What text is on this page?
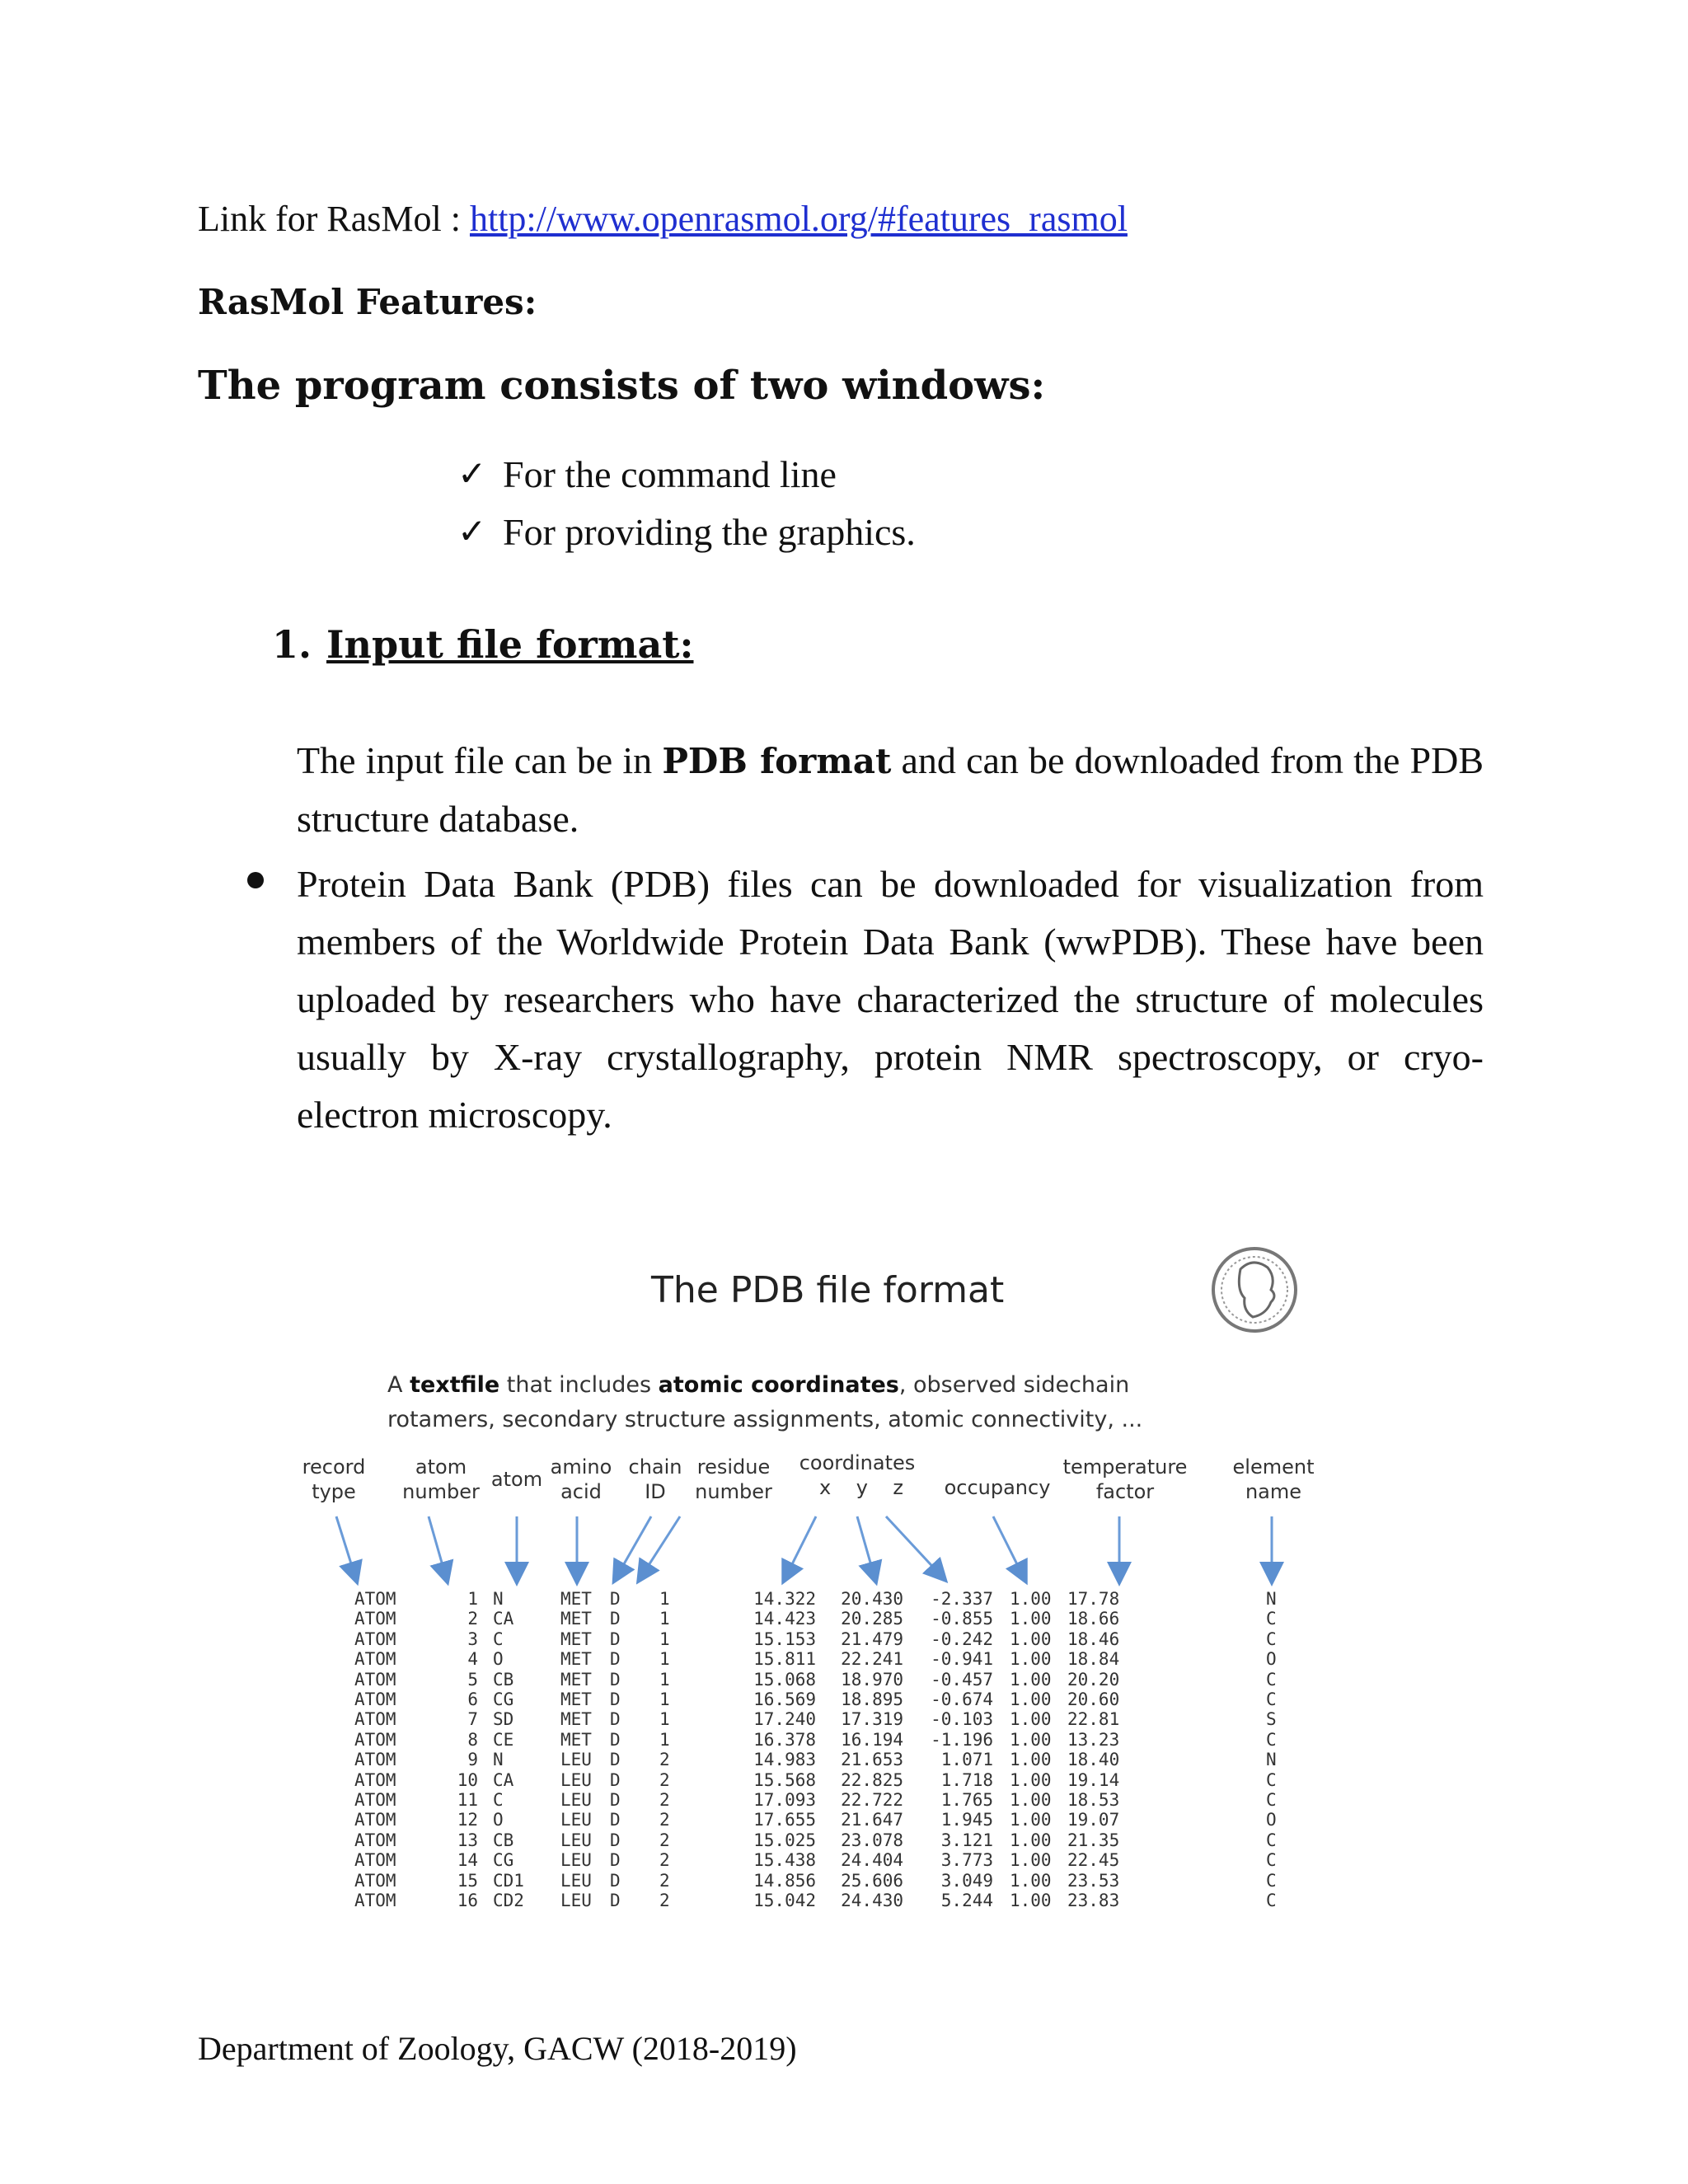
Link for RasMol : http://www.openrasmol.org/#features_rasmol
RasMol Features:
The program consists of two windows:
✓ For the command line
✓ For providing the graphics.
1. Input file format:
The input file can be in PDB format and can be downloaded from the PDB structure database.
Protein Data Bank (PDB) files can be downloaded for visualization from members of the Worldwide Protein Data Bank (wwPDB). These have been uploaded by researchers who have characterized the structure of molecules usually by X-ray crystallography, protein NMR spectroscopy, or cryo-electron microscopy.
The PDB file format
A textfile that includes atomic coordinates, observed sidechain rotamers, secondary structure assignments, atomic connectivity, ...
record
type
atom
number
atom
amino
acid
chain
ID
residue
number
coordinates
x    y    z	occupancy
temperature
factor
element
name
ATOM
ATOM
ATOM
ATOM
ATOM
ATOM
ATOM
ATOM
ATOM
ATOM
ATOM
ATOM
ATOM
ATOM
ATOM
ATOM
1
2
3
4
5
6
7
8
9
10
11
12
13
14
15
16
N
CA
C
O
CB
CG
SD
CE
N
CA
C
O
CB
CG
CD1
CD2
MET
MET
MET
MET
MET
MET
MET
MET
LEU
LEU
LEU
LEU
LEU
LEU
LEU
LEU
D
D
D
D
D
D
D
D
D
D
D
D
D
D
D
D
1
1
1
1
1
1
1
1
2
2
2
2
2
2
2
2
14.322
14.423
15.153
15.811
15.068
16.569
17.240
16.378
14.983
15.568
17.093
17.655
15.025
15.438
14.856
15.042
20.430
20.285
21.479
22.241
18.970
18.895
17.319
16.194
21.653
22.825
22.722
21.647
23.078
24.404
25.606
24.430
-2.337
-0.855
-0.242
-0.941
-0.457
-0.674
-0.103
-1.196
1.071
1.718
1.765
1.945
3.121
3.773
3.049
5.244
1.00
1.00
1.00
1.00
1.00
1.00
1.00
1.00
1.00
1.00
1.00
1.00
1.00
1.00
1.00
1.00
17.78
18.66
18.46
18.84
20.20
20.60
22.81
13.23
18.40
19.14
18.53
19.07
21.35
22.45
23.53
23.83
N
C
C
O
C
C
S
C
N
C
C
O
C
C
C
C
Department of Zoology, GACW (2018-2019)
